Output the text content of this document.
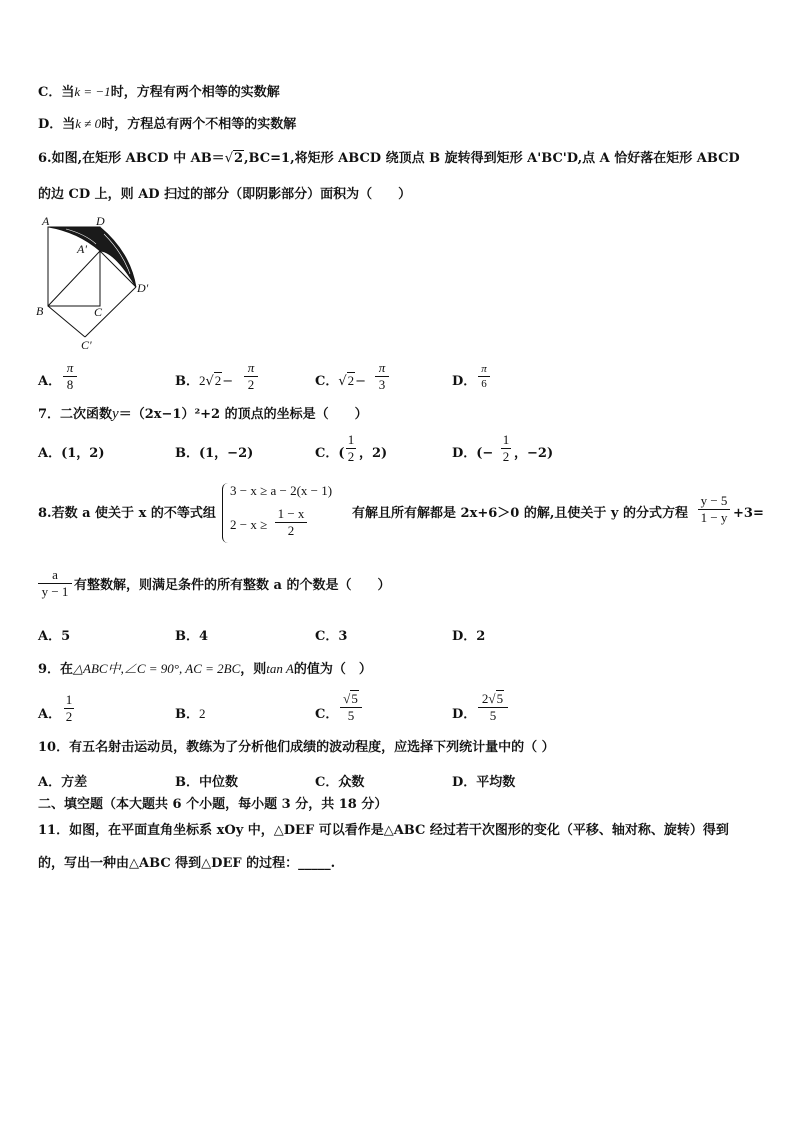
C．当k = −1时，方程有两个相等的实数解
D．当k ≠ 0时，方程总有两个不相等的实数解
6.如图,在矩形 ABCD 中 AB＝√2,BC=1,将矩形 ABCD 绕顶点 B 旋转得到矩形 A'BC'D,点 A 恰好落在矩形 ABCD
的边 CD 上，则 AD 扫过的部分（即阴影部分）面积为（　　）
A	D
A'
D'
B	C
C'
A．
π
8	B．2√2−
π
2	C．√2−
π
3	D．
π
6
7．二次函数y＝（2x−1）²+2 的顶点的坐标是（　　）
A．(1，2)	B．(1，−2)	C．(
1
2 ，2)	D．(−
1
2 ，−2)
8.若数 a 使关于 x 的不等式组
3 − x ≥ a − 2(x − 1)
2 − x ≥
1 − x
2
有解且所有解都是 2x+6＞0 的解,且使关于 y 的分式方程
y − 5
1 − y +3=
a
y − 1 有整数解，则满足条件的所有整数 a 的个数是（　　）
A．5	B．4	C．3	D．2
9．在△ABC中,∠C = 90°, AC = 2BC，则tan A的值为（　）
A．
1
2	B．2	C．
√5
5	D．
2√5
5
10．有五名射击运动员，教练为了分析他们成绩的波动程度，应选择下列统计量中的（ ）
A．方差	B．中位数	C．众数	D．平均数
二、填空题（本大题共 6 个小题，每小题 3 分，共 18 分）
11．如图，在平面直角坐标系 xOy 中，△DEF 可以看作是△ABC 经过若干次图形的变化（平移、轴对称、旋转）得到
的，写出一种由△ABC 得到△DEF 的过程：_____.
